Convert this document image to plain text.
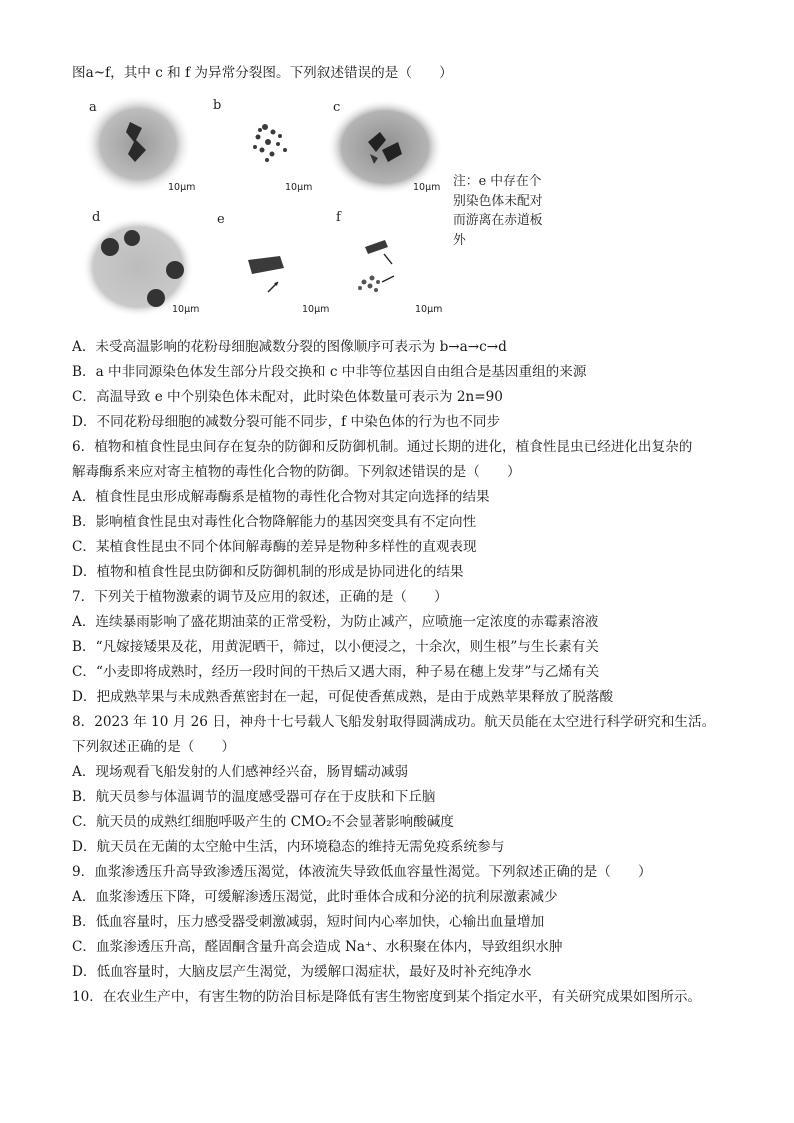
图a~f，其中 c 和 f 为异常分裂图。下列叙述错误的是（　　）
a	b	c
d	e	f
10μm	10μm	10μm
10μm	10μm	10μm
注：e 中存在个别染色体未配对而游离在赤道板外
A．未受高温影响的花粉母细胞减数分裂的图像顺序可表示为 b→a→c→d
B．a 中非同源染色体发生部分片段交换和 c 中非等位基因自由组合是基因重组的来源
C．高温导致 e 中个别染色体未配对，此时染色体数量可表示为 2n=90
D．不同花粉母细胞的减数分裂可能不同步，f 中染色体的行为也不同步
6．植物和植食性昆虫间存在复杂的防御和反防御机制。通过长期的进化，植食性昆虫已经进化出复杂的
解毒酶系来应对寄主植物的毒性化合物的防御。下列叙述错误的是（　　）
A．植食性昆虫形成解毒酶系是植物的毒性化合物对其定向选择的结果
B．影响植食性昆虫对毒性化合物降解能力的基因突变具有不定向性
C．某植食性昆虫不同个体间解毒酶的差异是物种多样性的直观表现
D．植物和植食性昆虫防御和反防御机制的形成是协同进化的结果
7．下列关于植物激素的调节及应用的叙述，正确的是（　　）
A．连续暴雨影响了盛花期油菜的正常受粉，为防止减产，应喷施一定浓度的赤霉素溶液
B．“凡嫁接矮果及花，用黄泥晒干，筛过，以小便浸之，十余次，则生根”与生长素有关
C．“小麦即将成熟时，经历一段时间的干热后又遇大雨，种子易在穗上发芽”与乙烯有关
D．把成熟苹果与未成熟香蕉密封在一起，可促使香蕉成熟，是由于成熟苹果释放了脱落酸
8．2023 年 10 月 26 日，神舟十七号载人飞船发射取得圆满成功。航天员能在太空进行科学研究和生活。
下列叙述正确的是（　　）
A．现场观看飞船发射的人们感神经兴奋，肠胃蠕动减弱
B．航天员参与体温调节的温度感受器可存在于皮肤和下丘脑
C．航天员的成熟红细胞呼吸产生的 CMO₂不会显著影响酸碱度
D．航天员在无菌的太空舱中生活，内环境稳态的维持无需免疫系统参与
9．血浆渗透压升高导致渗透压渴觉，体液流失导致低血容量性渴觉。下列叙述正确的是（　　）
A．血浆渗透压下降，可缓解渗透压渴觉，此时垂体合成和分泌的抗利尿激素减少
B．低血容量时，压力感受器受刺激减弱，短时间内心率加快，心输出血量增加
C．血浆渗透压升高，醛固酮含量升高会造成 Na⁺、水积聚在体内，导致组织水肿
D．低血容量时，大脑皮层产生渴觉，为缓解口渴症状，最好及时补充纯净水
10．在农业生产中，有害生物的防治目标是降低有害生物密度到某个指定水平，有关研究成果如图所示。
